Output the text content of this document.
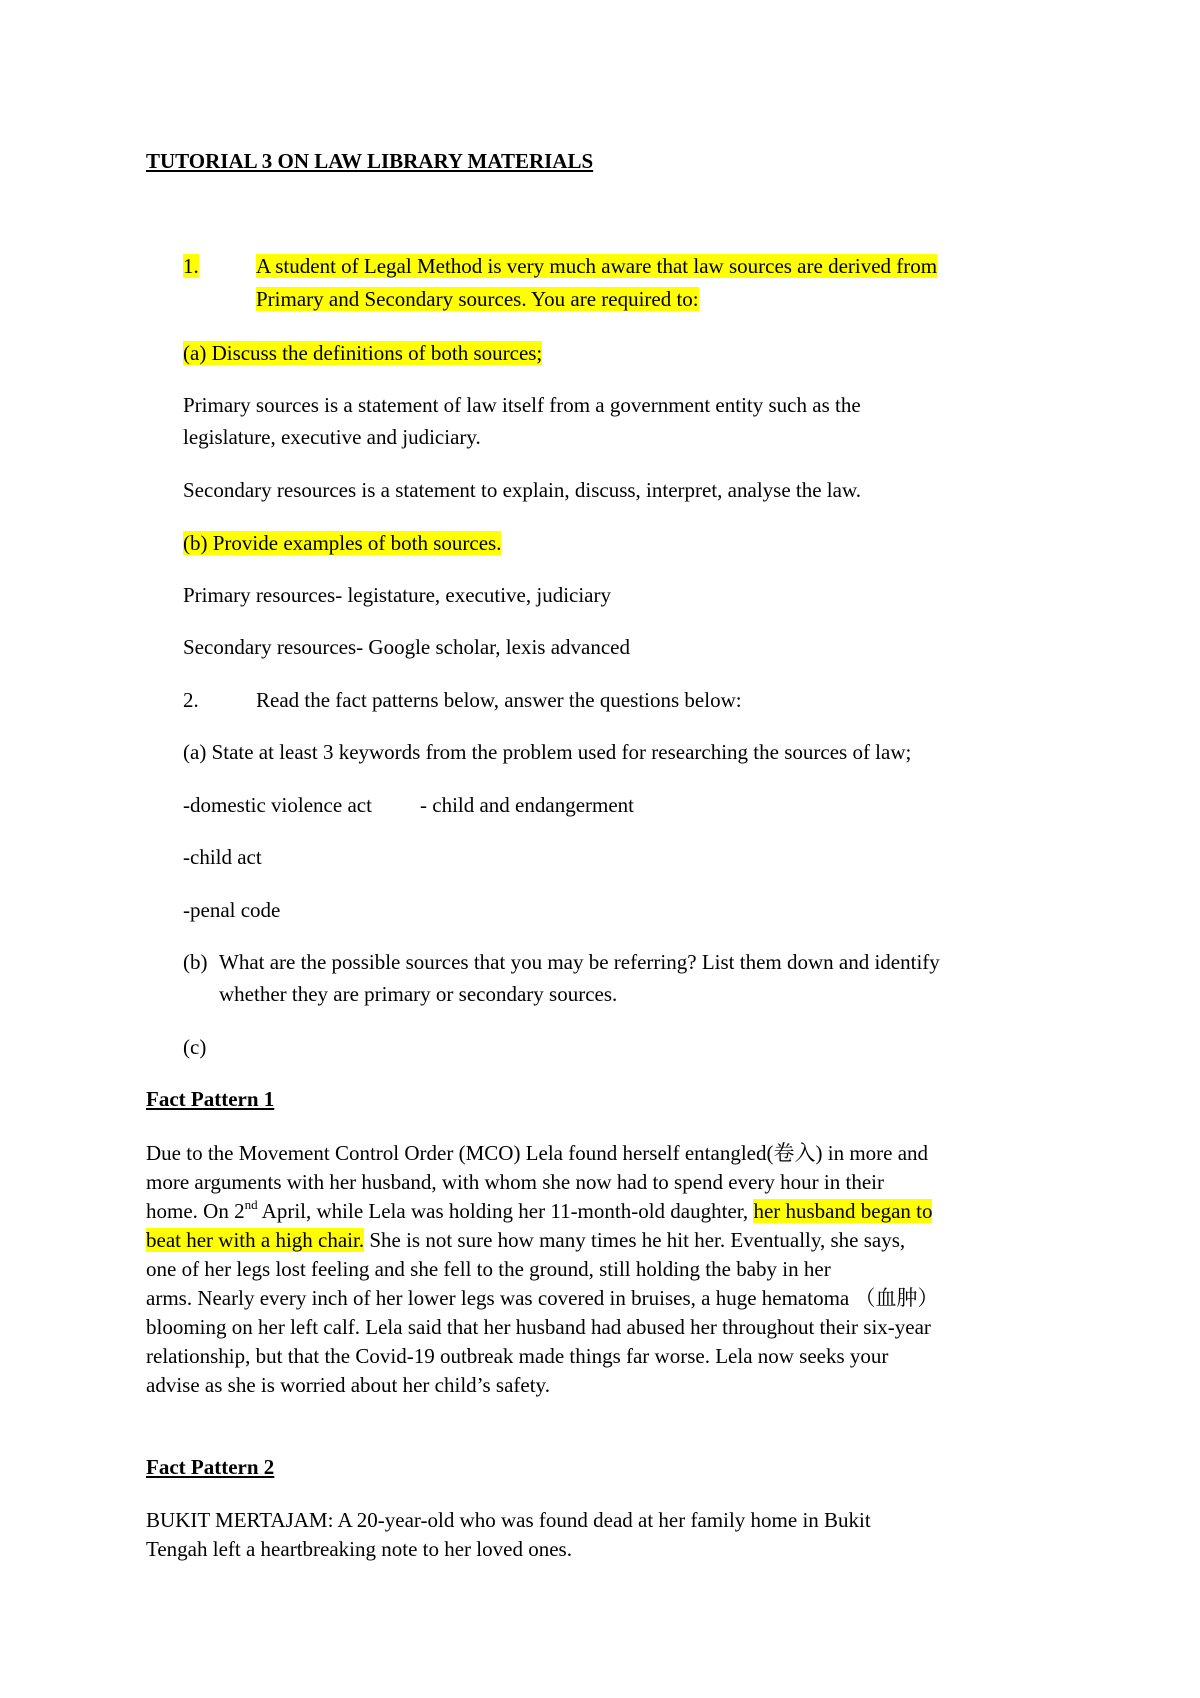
TUTORIAL 3 ON LAW LIBRARY MATERIALS
1.	A student of Legal Method is very much aware that law sources are derived from
Primary and Secondary sources. You are required to:
(a) Discuss the definitions of both sources;
Primary sources is a statement of law itself from a government entity such as the
legislature, executive and judiciary.
Secondary resources is a statement to explain, discuss, interpret, analyse the law.
(b) Provide examples of both sources.
Primary resources- legistature, executive, judiciary
Secondary resources- Google scholar, lexis advanced
2.	Read the fact patterns below, answer the questions below:
(a) State at least 3 keywords from the problem used for researching the sources of law;
-domestic violence act - child and endangerment
-child act
-penal code
(b) What are the possible sources that you may be referring? List them down and identify
whether they are primary or secondary sources.
(c)
Fact Pattern 1
Due to the Movement Control Order (MCO) Lela found herself entangled(卷入) in more and
more arguments with her husband, with whom she now had to spend every hour in their
home. On 2nd April, while Lela was holding her 11-month-old daughter, her husband began to
beat her with a high chair. She is not sure how many times he hit her. Eventually, she says,
one of her legs lost feeling and she fell to the ground, still holding the baby in her
arms. Nearly every inch of her lower legs was covered in bruises, a huge hematoma （血肿）
blooming on her left calf. Lela said that her husband had abused her throughout their six-year
relationship, but that the Covid-19 outbreak made things far worse. Lela now seeks your
advise as she is worried about her child’s safety.
Fact Pattern 2
BUKIT MERTAJAM: A 20-year-old who was found dead at her family home in Bukit
Tengah left a heartbreaking note to her loved ones.
